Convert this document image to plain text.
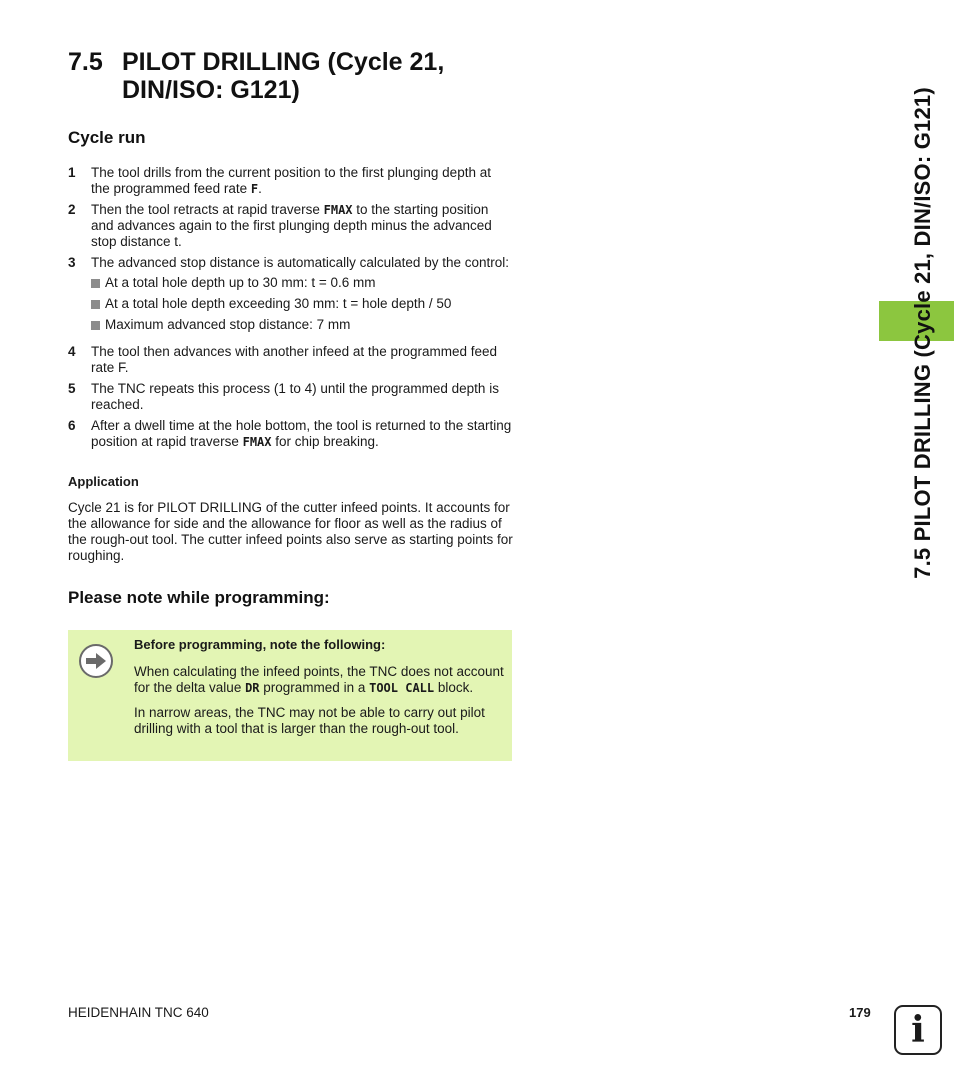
7.5 PILOT DRILLING (Cycle 21,
DIN/ISO: G121)
Cycle run
1 The tool drills from the current position to the first plunging depth at the programmed feed rate F.
2 Then the tool retracts at rapid traverse FMAX to the starting position and advances again to the first plunging depth minus the advanced stop distance t.
3 The advanced stop distance is automatically calculated by the control:
At a total hole depth up to 30 mm: t = 0.6 mm
At a total hole depth exceeding 30 mm: t = hole depth / 50
Maximum advanced stop distance: 7 mm
4 The tool then advances with another infeed at the programmed feed rate F.
5 The TNC repeats this process (1 to 4) until the programmed depth is reached.
6 After a dwell time at the hole bottom, the tool is returned to the starting position at rapid traverse FMAX for chip breaking.
Application
Cycle 21 is for PILOT DRILLING of the cutter infeed points. It accounts for the allowance for side and the allowance for floor as well as the radius of the rough-out tool. The cutter infeed points also serve as starting points for roughing.
Please note while programming:
Before programming, note the following:
When calculating the infeed points, the TNC does not account for the delta value DR programmed in a TOOL CALL block.
In narrow areas, the TNC may not be able to carry out pilot drilling with a tool that is larger than the rough-out tool.
7.5 PILOT DRILLING (Cycle 21, DIN/ISO: G121)
HEIDENHAIN TNC 640	179	i
